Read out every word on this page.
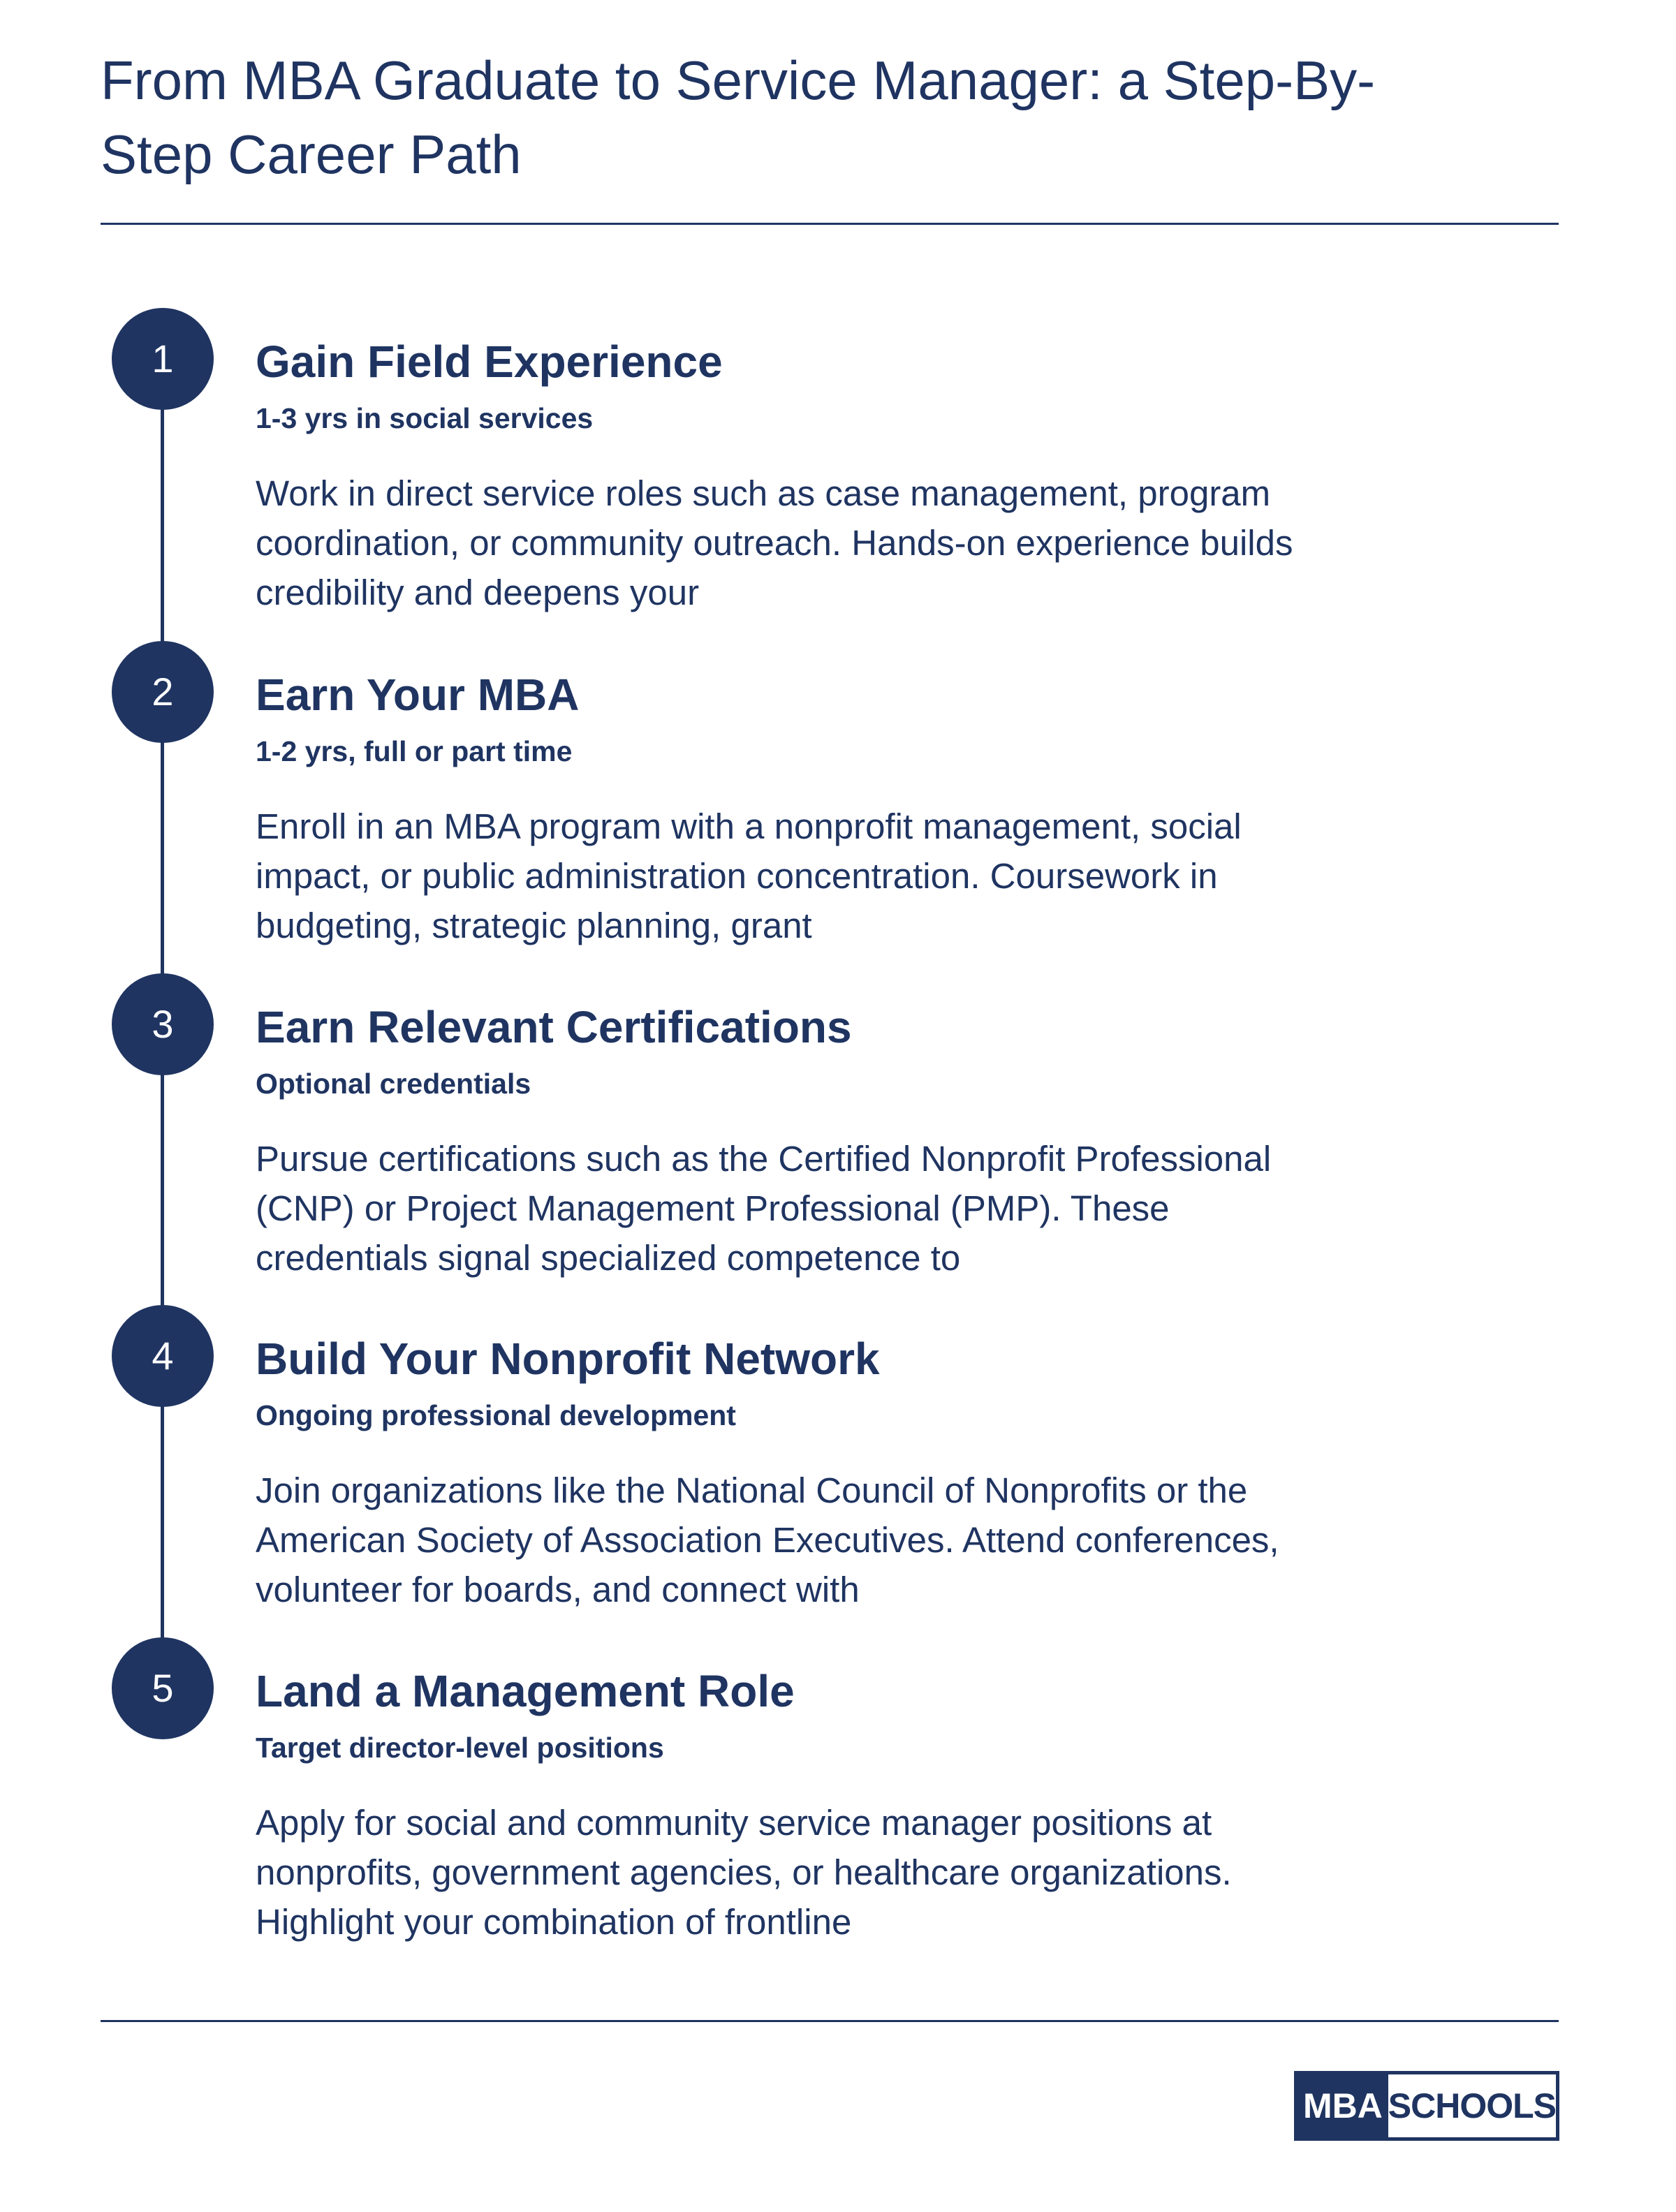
From MBA Graduate to Service Manager: a Step-By-Step Career Path
1	Gain Field Experience
1-3 yrs in social services
Work in direct service roles such as case management, program coordination, or community outreach. Hands-on experience builds credibility and deepens your
2	Earn Your MBA
1-2 yrs, full or part time
Enroll in an MBA program with a nonprofit management, social impact, or public administration concentration. Coursework in budgeting, strategic planning, grant
3	Earn Relevant Certifications
Optional credentials
Pursue certifications such as the Certified Nonprofit Professional (CNP) or Project Management Professional (PMP). These credentials signal specialized competence to
4	Build Your Nonprofit Network
Ongoing professional development
Join organizations like the National Council of Nonprofits or the American Society of Association Executives. Attend conferences, volunteer for boards, and connect with
5	Land a Management Role
Target director-level positions
Apply for social and community service manager positions at nonprofits, government agencies, or healthcare organizations. Highlight your combination of frontline
MBA SCHOOLS
